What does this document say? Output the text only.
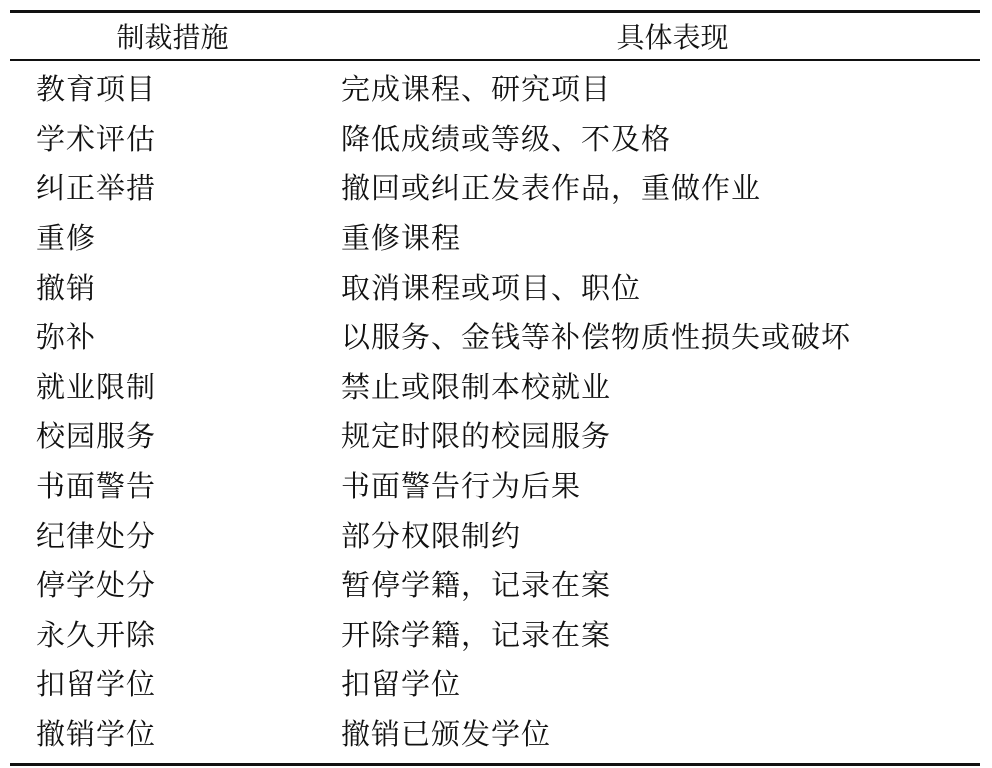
制裁措施	具体表现
教育项目	完成课程、研究项目
学术评估	降低成绩或等级、不及格
纠正举措	撤回或纠正发表作品，重做作业
重修	重修课程
撤销	取消课程或项目、职位
弥补	以服务、金钱等补偿物质性损失或破坏
就业限制	禁止或限制本校就业
校园服务	规定时限的校园服务
书面警告	书面警告行为后果
纪律处分	部分权限制约
停学处分	暂停学籍，记录在案
永久开除	开除学籍，记录在案
扣留学位	扣留学位
撤销学位	撤销已颁发学位
